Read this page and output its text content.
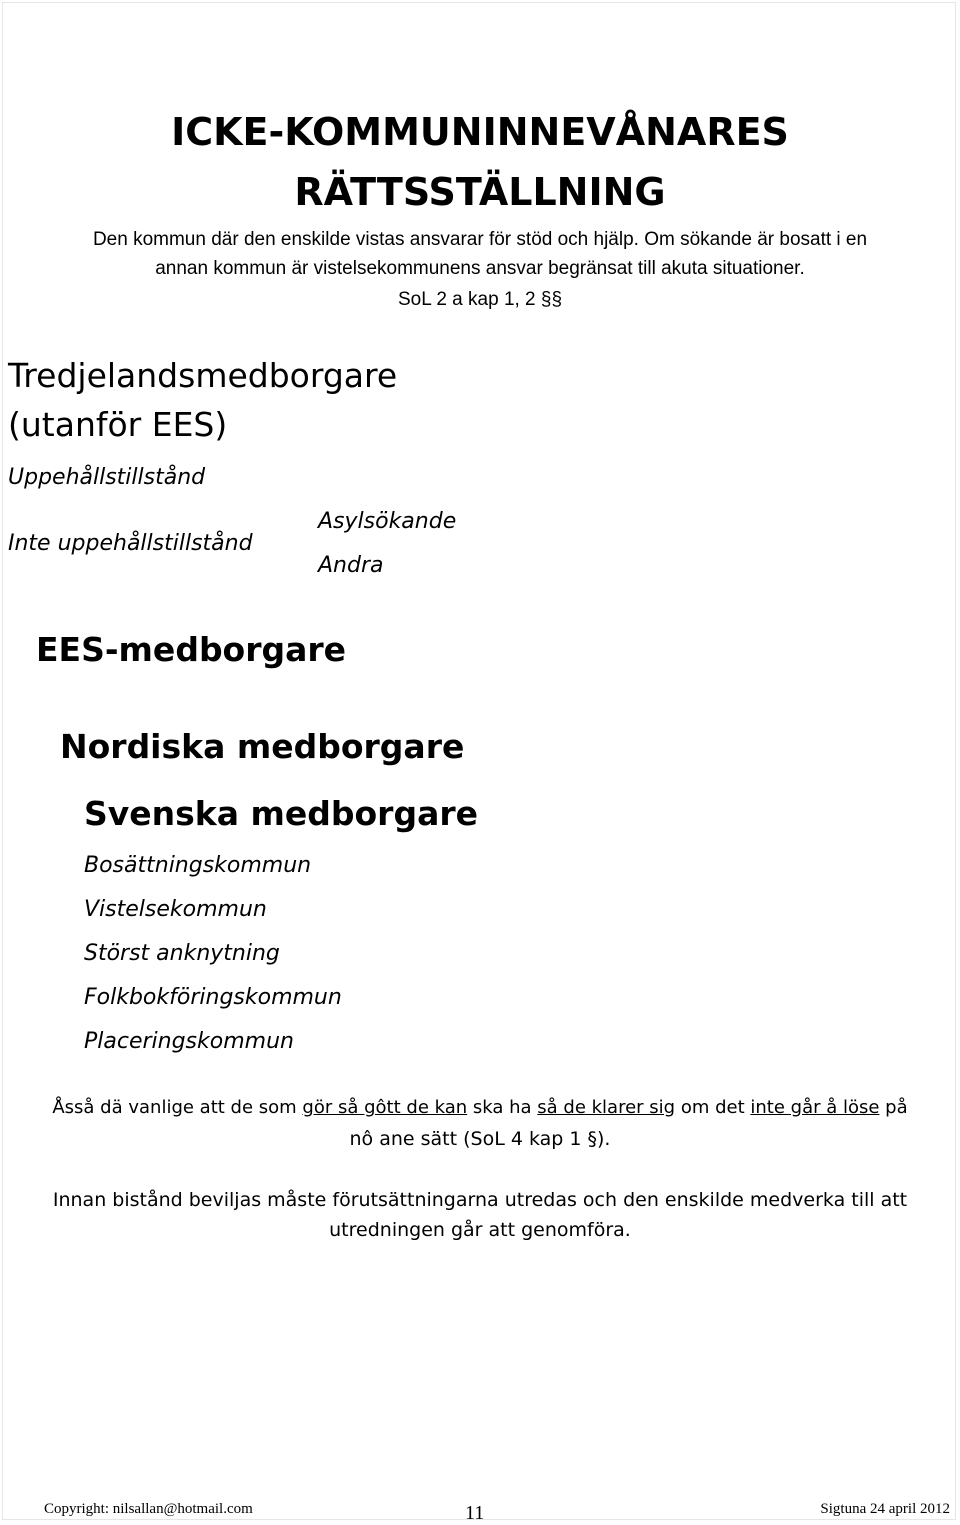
ICKE-KOMMUNINNEVÅNARES
RÄTTSSTÄLLNING

Den kommun där den enskilde vistas ansvarar för stöd och hjälp. Om sökande är bosatt i en

annan kommun är vistelsekommunens ansvar begränsat till akuta situationer.

SoL 2 a kap 1, 2 §§

Tredjelandsmedborgare
(utanför EES)
Uppehållstillstånd
Inte uppehållstillstånd
Asylsökande
Andra
EES-medborgare
Nordiska medborgare
Svenska medborgare
Bosättningskommun
Vistelsekommun
Störst anknytning
Folkbokföringskommun
Placeringskommun

Åsså dä vanlige att de som gör så gôtt de kan ska ha så de klarer sig om det inte går å löse på

nô ane sätt (SoL 4 kap 1 §).

Innan bistånd beviljas måste förutsättningarna utredas och den enskilde medverka till att

utredningen går att genomföra.

Copyright: nilsallan@hotmail.com	11	Sigtuna 24 april 2012
